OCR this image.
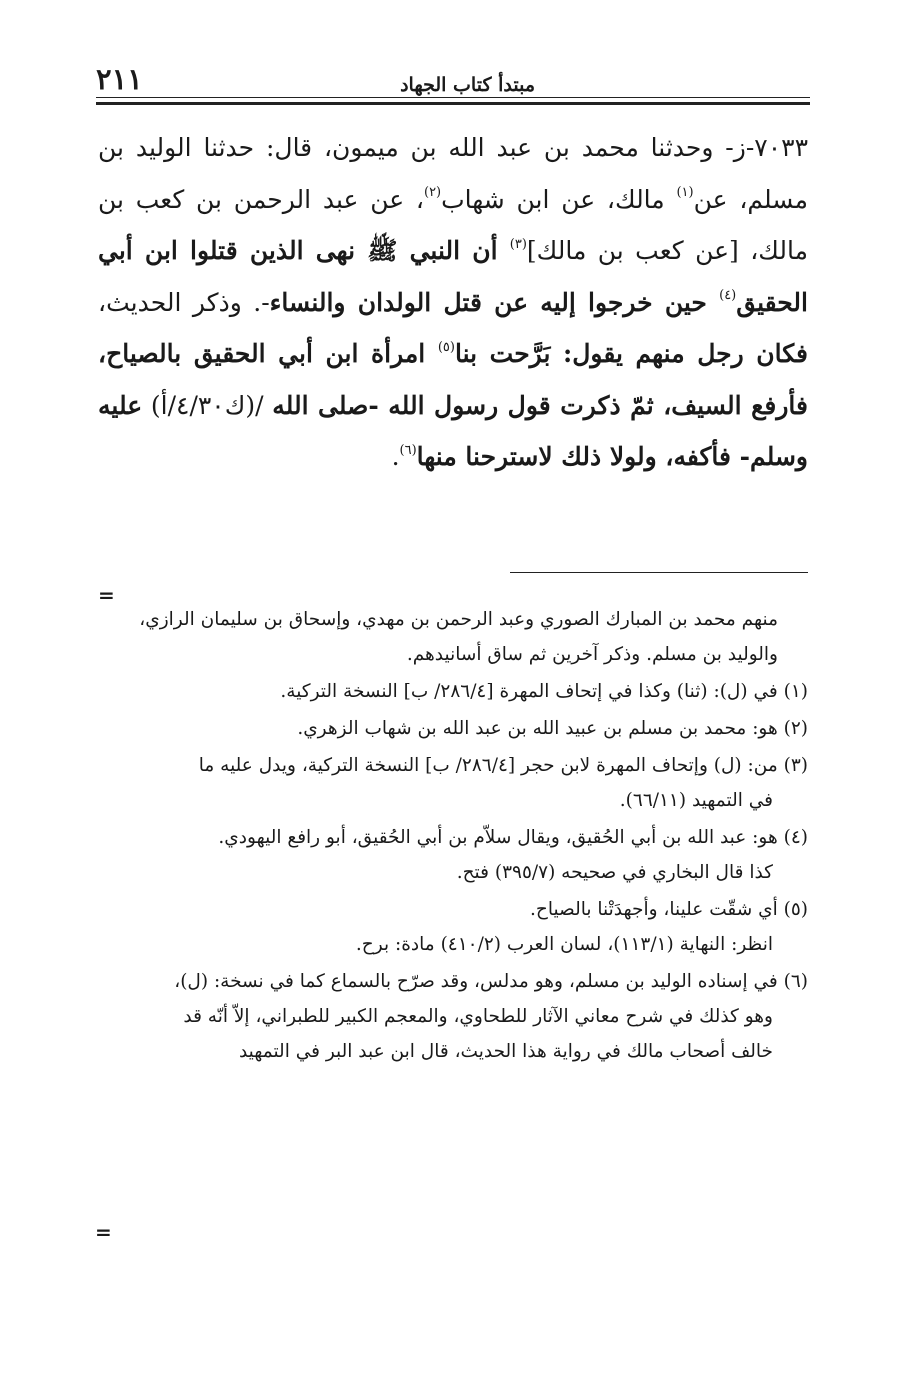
٢١١	مبتدأ كتاب الجهاد
٧٠٣٣-ز- وحدثنا محمد بن عبد الله بن ميمون، قال: حدثنا الوليد بن مسلم، عن$^{(١)}$ مالك، عن ابن شهاب$^{(٢)}$، عن عبد الرحمن بن كعب بن مالك، [عن كعب بن مالك]$^{(٣)}$ أن النبي ﷺ نهى الذين قتلوا ابن أبي الحقيق$^{(٤)}$ حين خرجوا إليه عن قتل الولدان والنساء-. وذكر الحديث، فكان رجل منهم يقول: بَرَّحت بنا$^{(٥)}$ امرأة ابن أبي الحقيق بالصياح، فأرفع السيف، ثمّ ذكرت قول رسول الله -صلى الله /(ك٤/٣٠/أ) عليه وسلم- فأكفه، ولولا ذلك لاسترحنا منها$^{(٦)}$.
=
منهم محمد بن المبارك الصوري وعبد الرحمن بن مهدي، وإسحاق بن سليمان الرازي،
والوليد بن مسلم. وذكر آخرين ثم ساق أسانيدهم.
(١) في (ل): (ثنا) وكذا في إتحاف المهرة [٢٨٦/٤/ ب] النسخة التركية.
(٢) هو: محمد بن مسلم بن عبيد الله بن عبد الله بن شهاب الزهري.
(٣) من: (ل) وإتحاف المهرة لابن حجر [٢٨٦/٤/ ب] النسخة التركية، ويدل عليه ما
في التمهيد (٦٦/١١).
(٤) هو: عبد الله بن أبي الحُقيق، ويقال سلاّم بن أبي الحُقيق، أبو رافع اليهودي.
كذا قال البخاري في صحيحه (٣٩٥/٧) فتح.
(٥) أي شقّت علينا، وأجهدَتْنا بالصياح.
انظر: النهاية (١١٣/١)، لسان العرب (٤١٠/٢) مادة: برح.
(٦) في إسناده الوليد بن مسلم، وهو مدلس، وقد صرّح بالسماع كما في نسخة: (ل)،
وهو كذلك في شرح معاني الآثار للطحاوي، والمعجم الكبير للطبراني، إلاّ أنّه قد
خالف أصحاب مالك في رواية هذا الحديث، قال ابن عبد البر في التمهيد
=
